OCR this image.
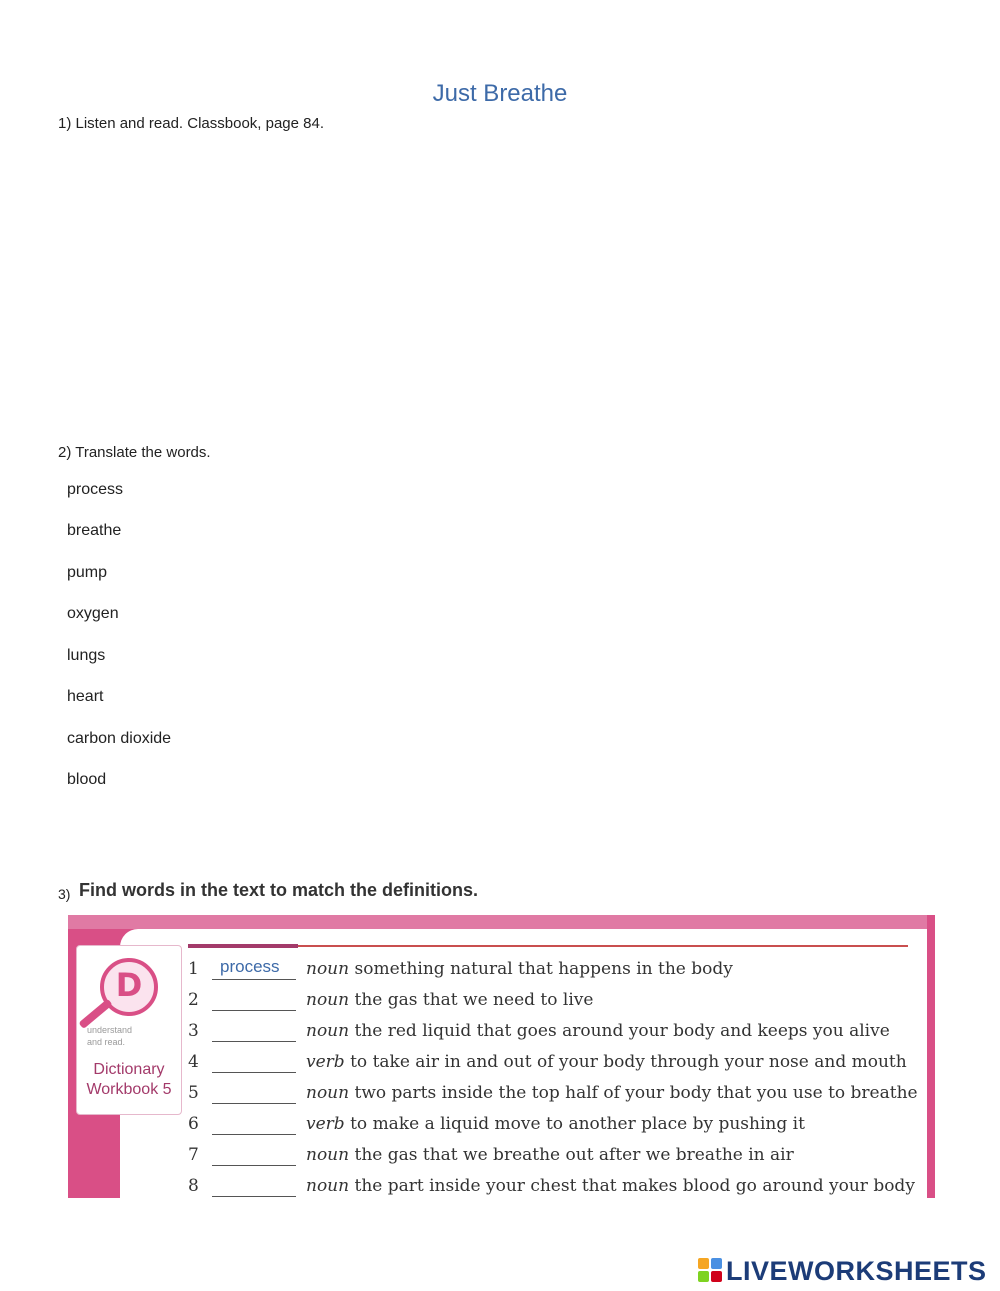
Just Breathe
1) Listen and read. Classbook, page 84.
2) Translate the words.
process
breathe
pump
oxygen
lungs
heart
carbon dioxide
blood
3) Find words in the text to match the definitions.
D
understand
and read.
Dictionary
Workbook 5
1 process noun something natural that happens in the body
2	noun the gas that we need to live
3	noun the red liquid that goes around your body and keeps you alive
4	verb to take air in and out of your body through your nose and mouth
5	noun two parts inside the top half of your body that you use to breathe
6	verb to make a liquid move to another place by pushing it
7	noun the gas that we breathe out after we breathe in air
8	noun the part inside your chest that makes blood go around your body
LIVEWORKSHEETS
